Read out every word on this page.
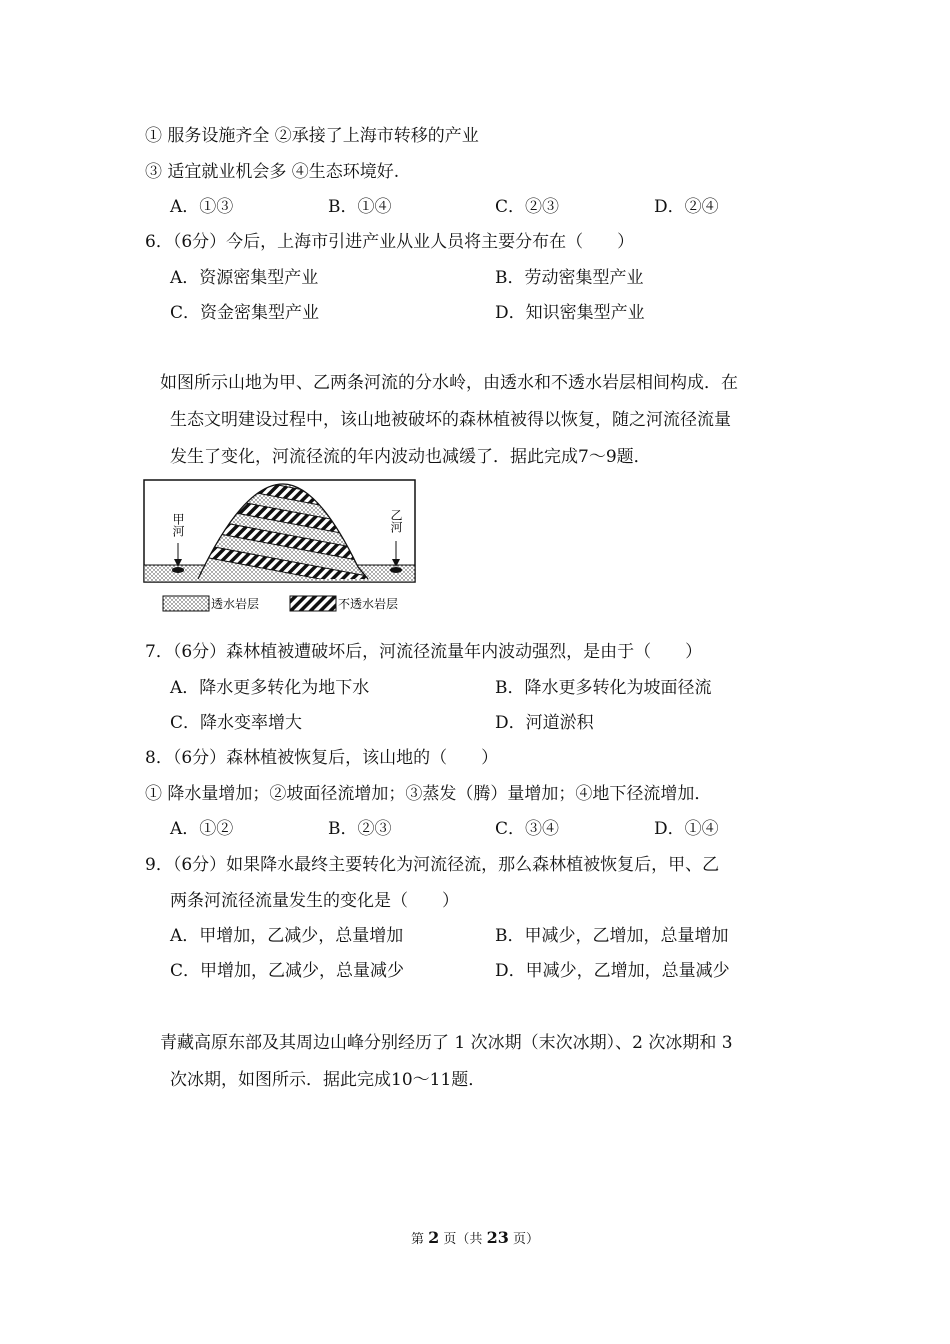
① 服务设施齐全 ②承接了上海市转移的产业
③ 适宜就业机会多 ④生态环境好.
A．①③	B．①④	C．②③	D．②④
6．（6分）今后，上海市引进产业从业人员将主要分布在（　　）
A．资源密集型产业	B．劳动密集型产业
C．资金密集型产业	D．知识密集型产业
如图所示山地为甲、乙两条河流的分水岭，由透水和不透水岩层相间构成．在
生态文明建设过程中，该山地被破坏的森林植被得以恢复，随之河流径流量
发生了变化，河流径流的年内波动也减缓了．据此完成7～9题．
甲河	乙河
透水岩层	不透水岩层
7．（6分）森林植被遭破坏后，河流径流量年内波动强烈，是由于（　　）
A．降水更多转化为地下水	B．降水更多转化为坡面径流
C．降水变率增大	D．河道淤积
8．（6分）森林植被恢复后，该山地的（　　）
① 降水量增加；②坡面径流增加；③蒸发（腾）量增加；④地下径流增加．
A．①②	B．②③	C．③④	D．①④
9．（6分）如果降水最终主要转化为河流径流，那么森林植被恢复后，甲、乙
两条河流径流量发生的变化是（　　）
A．甲增加，乙减少，总量增加	B．甲减少，乙增加，总量增加
C．甲增加，乙减少，总量减少	D．甲减少，乙增加，总量减少
青藏高原东部及其周边山峰分别经历了 1 次冰期（末次冰期）、2 次冰期和 3
次冰期，如图所示．据此完成10～11题．
第 2 页（共 23 页）
